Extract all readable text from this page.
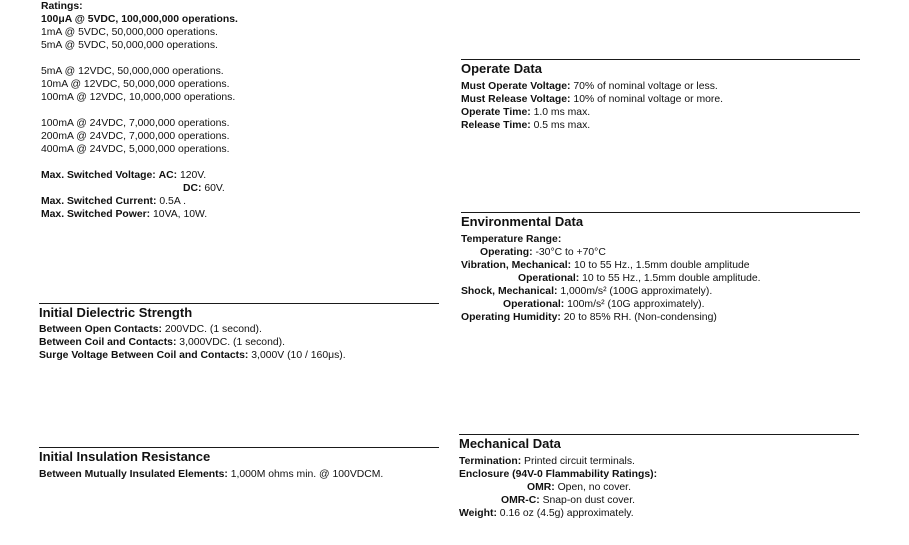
Ratings:
100μA @ 5VDC, 100,000,000 operations.
1mA @ 5VDC, 50,000,000 operations.
5mA @ 5VDC, 50,000,000 operations.
5mA @ 12VDC, 50,000,000 operations.
10mA @ 12VDC, 50,000,000 operations.
100mA @ 12VDC, 10,000,000 operations.
100mA @ 24VDC, 7,000,000 operations.
200mA @ 24VDC, 7,000,000 operations.
400mA @ 24VDC, 5,000,000 operations.
Max. Switched Voltage: AC: 120V.
DC: 60V.
Max. Switched Current: 0.5A .
Max. Switched Power: 10VA, 10W.
Initial Dielectric Strength
Between Open Contacts: 200VDC. (1 second).
Between Coil and Contacts: 3,000VDC. (1 second).
Surge Voltage Between Coil and Contacts: 3,000V (10 / 160μs).
Initial Insulation Resistance
Between Mutually Insulated Elements: 1,000M ohms min. @ 100VDCM.
Operate Data
Must Operate Voltage: 70% of nominal voltage or less.
Must Release Voltage: 10% of nominal voltage or more.
Operate Time: 1.0 ms max.
Release Time: 0.5 ms max.
Environmental Data
Temperature Range:
Operating: -30°C to +70°C
Vibration, Mechanical: 10 to 55 Hz., 1.5mm double amplitude
Operational: 10 to 55 Hz., 1.5mm double amplitude.
Shock, Mechanical: 1,000m/s² (100G approximately).
Operational: 100m/s² (10G approximately).
Operating Humidity: 20 to 85% RH. (Non-condensing)
Mechanical Data
Termination: Printed circuit terminals.
Enclosure (94V-0 Flammability Ratings):
OMR: Open, no cover.
OMR-C: Snap-on dust cover.
Weight: 0.16 oz (4.5g) approximately.
